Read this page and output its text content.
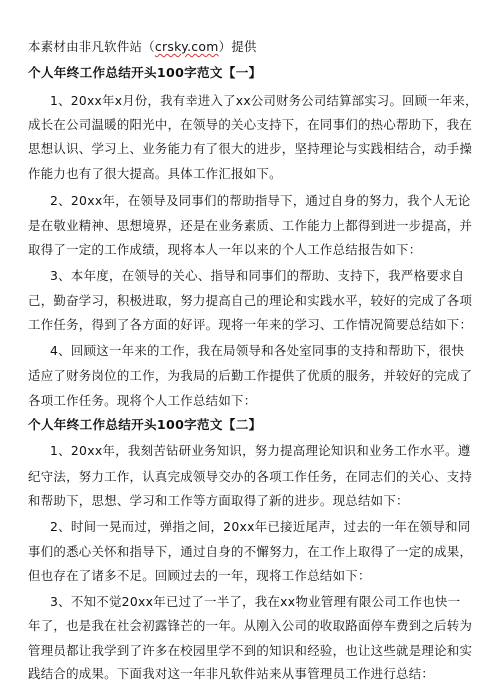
本素材由非凡软件站（crsky.com）提供
个人年终工作总结开头100字范文【一】
1、20xx年x月份，我有幸进入了xx公司财务公司结算部实习。回顾一年来，
成长在公司温暖的阳光中，在领导的关心支持下，在同事们的热心帮助下，我在
思想认识、学习上、业务能力有了很大的进步，坚持理论与实践相结合，动手操
作能力也有了很大提高。具体工作汇报如下。
2、20xx年，在领导及同事们的帮助指导下，通过自身的努力，我个人无论
是在敬业精神、思想境界，还是在业务素质、工作能力上都得到进一步提高，并
取得了一定的工作成绩，现将本人一年以来的个人工作总结报告如下：
3、本年度，在领导的关心、指导和同事们的帮助、支持下，我严格要求自
己，勤奋学习，积极进取，努力提高自己的理论和实践水平，较好的完成了各项
工作任务，得到了各方面的好评。现将一年来的学习、工作情况简要总结如下：
4、回顾这一年来的工作，我在局领导和各处室同事的支持和帮助下，很快
适应了财务岗位的工作，为我局的后勤工作提供了优质的服务，并较好的完成了
各项工作任务。现将个人工作总结如下：
个人年终工作总结开头100字范文【二】
1、20xx年，我刻苦钻研业务知识，努力提高理论知识和业务工作水平。遵
纪守法，努力工作，认真完成领导交办的各项工作任务，在同志们的关心、支持
和帮助下，思想、学习和工作等方面取得了新的进步。现总结如下：
2、时间一晃而过，弹指之间，20xx年已接近尾声，过去的一年在领导和同
事们的悉心关怀和指导下，通过自身的不懈努力，在工作上取得了一定的成果，
但也存在了诸多不足。回顾过去的一年，现将工作总结如下：
3、不知不觉20xx年已过了一半了，我在xx物业管理有限公司工作也快一
年了，也是我在社会初露锋芒的一年。从刚入公司的收取路面停车费到之后转为
管理员都让我学到了许多在校园里学不到的知识和经验，也让这些就是理论和实
践结合的成果。下面我对这一年非凡软件站来从事管理员工作进行总结：
